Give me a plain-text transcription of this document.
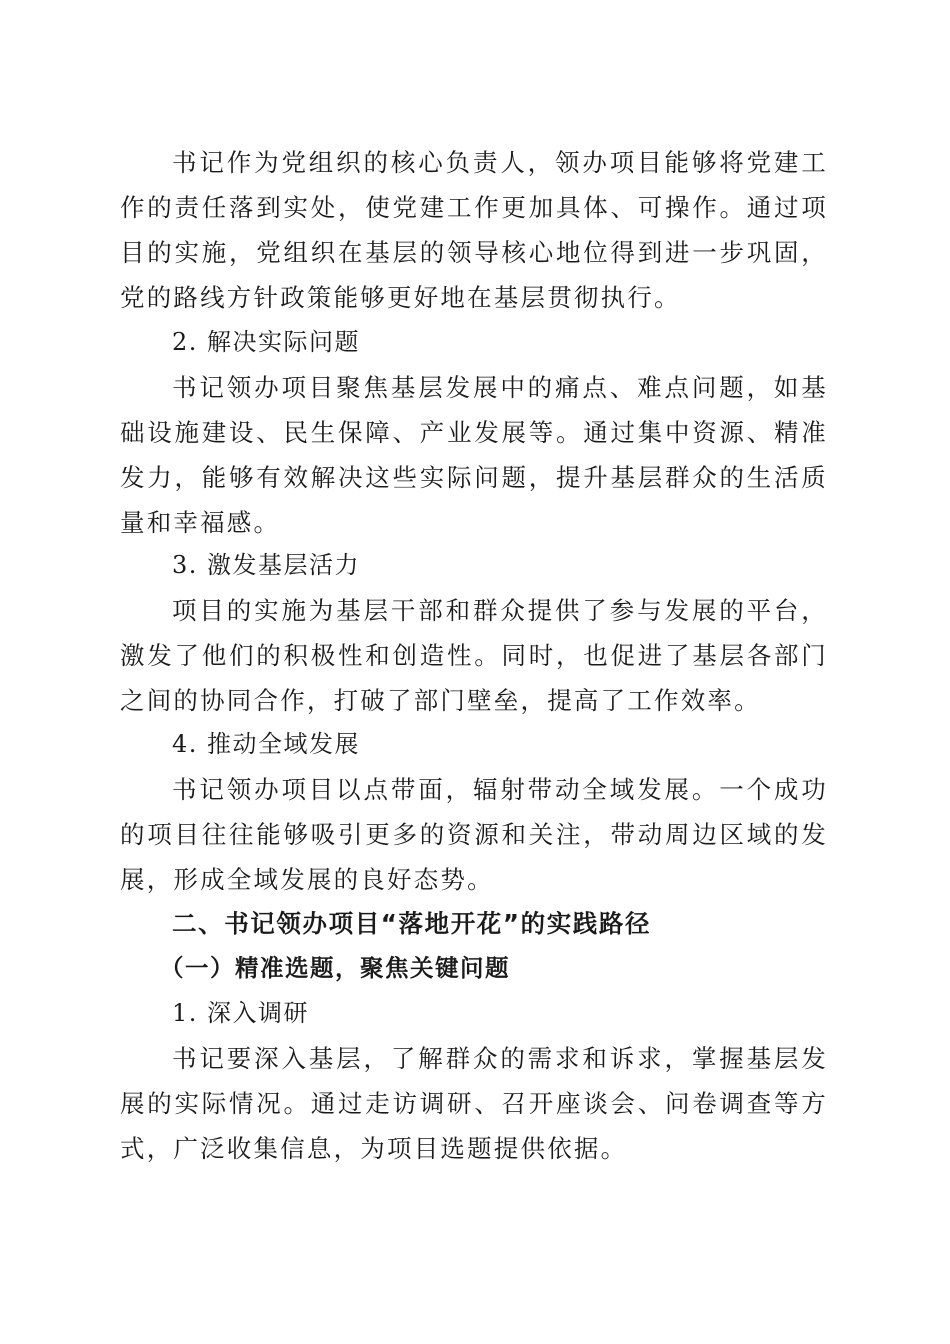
书记作为党组织的核心负责人，领办项目能够将党建工作的责任落到实处，使党建工作更加具体、可操作。通过项目的实施，党组织在基层的领导核心地位得到进一步巩固，党的路线方针政策能够更好地在基层贯彻执行。

2. 解决实际问题

书记领办项目聚焦基层发展中的痛点、难点问题，如基础设施建设、民生保障、产业发展等。通过集中资源、精准发力，能够有效解决这些实际问题，提升基层群众的生活质量和幸福感。

3. 激发基层活力

项目的实施为基层干部和群众提供了参与发展的平台，激发了他们的积极性和创造性。同时，也促进了基层各部门之间的协同合作，打破了部门壁垒，提高了工作效率。

4. 推动全域发展

书记领办项目以点带面，辐射带动全域发展。一个成功的项目往往能够吸引更多的资源和关注，带动周边区域的发展，形成全域发展的良好态势。

二、书记领办项目“落地开花”的实践路径

（一）精准选题，聚焦关键问题

1. 深入调研

书记要深入基层，了解群众的需求和诉求，掌握基层发展的实际情况。通过走访调研、召开座谈会、问卷调查等方式，广泛收集信息，为项目选题提供依据。
